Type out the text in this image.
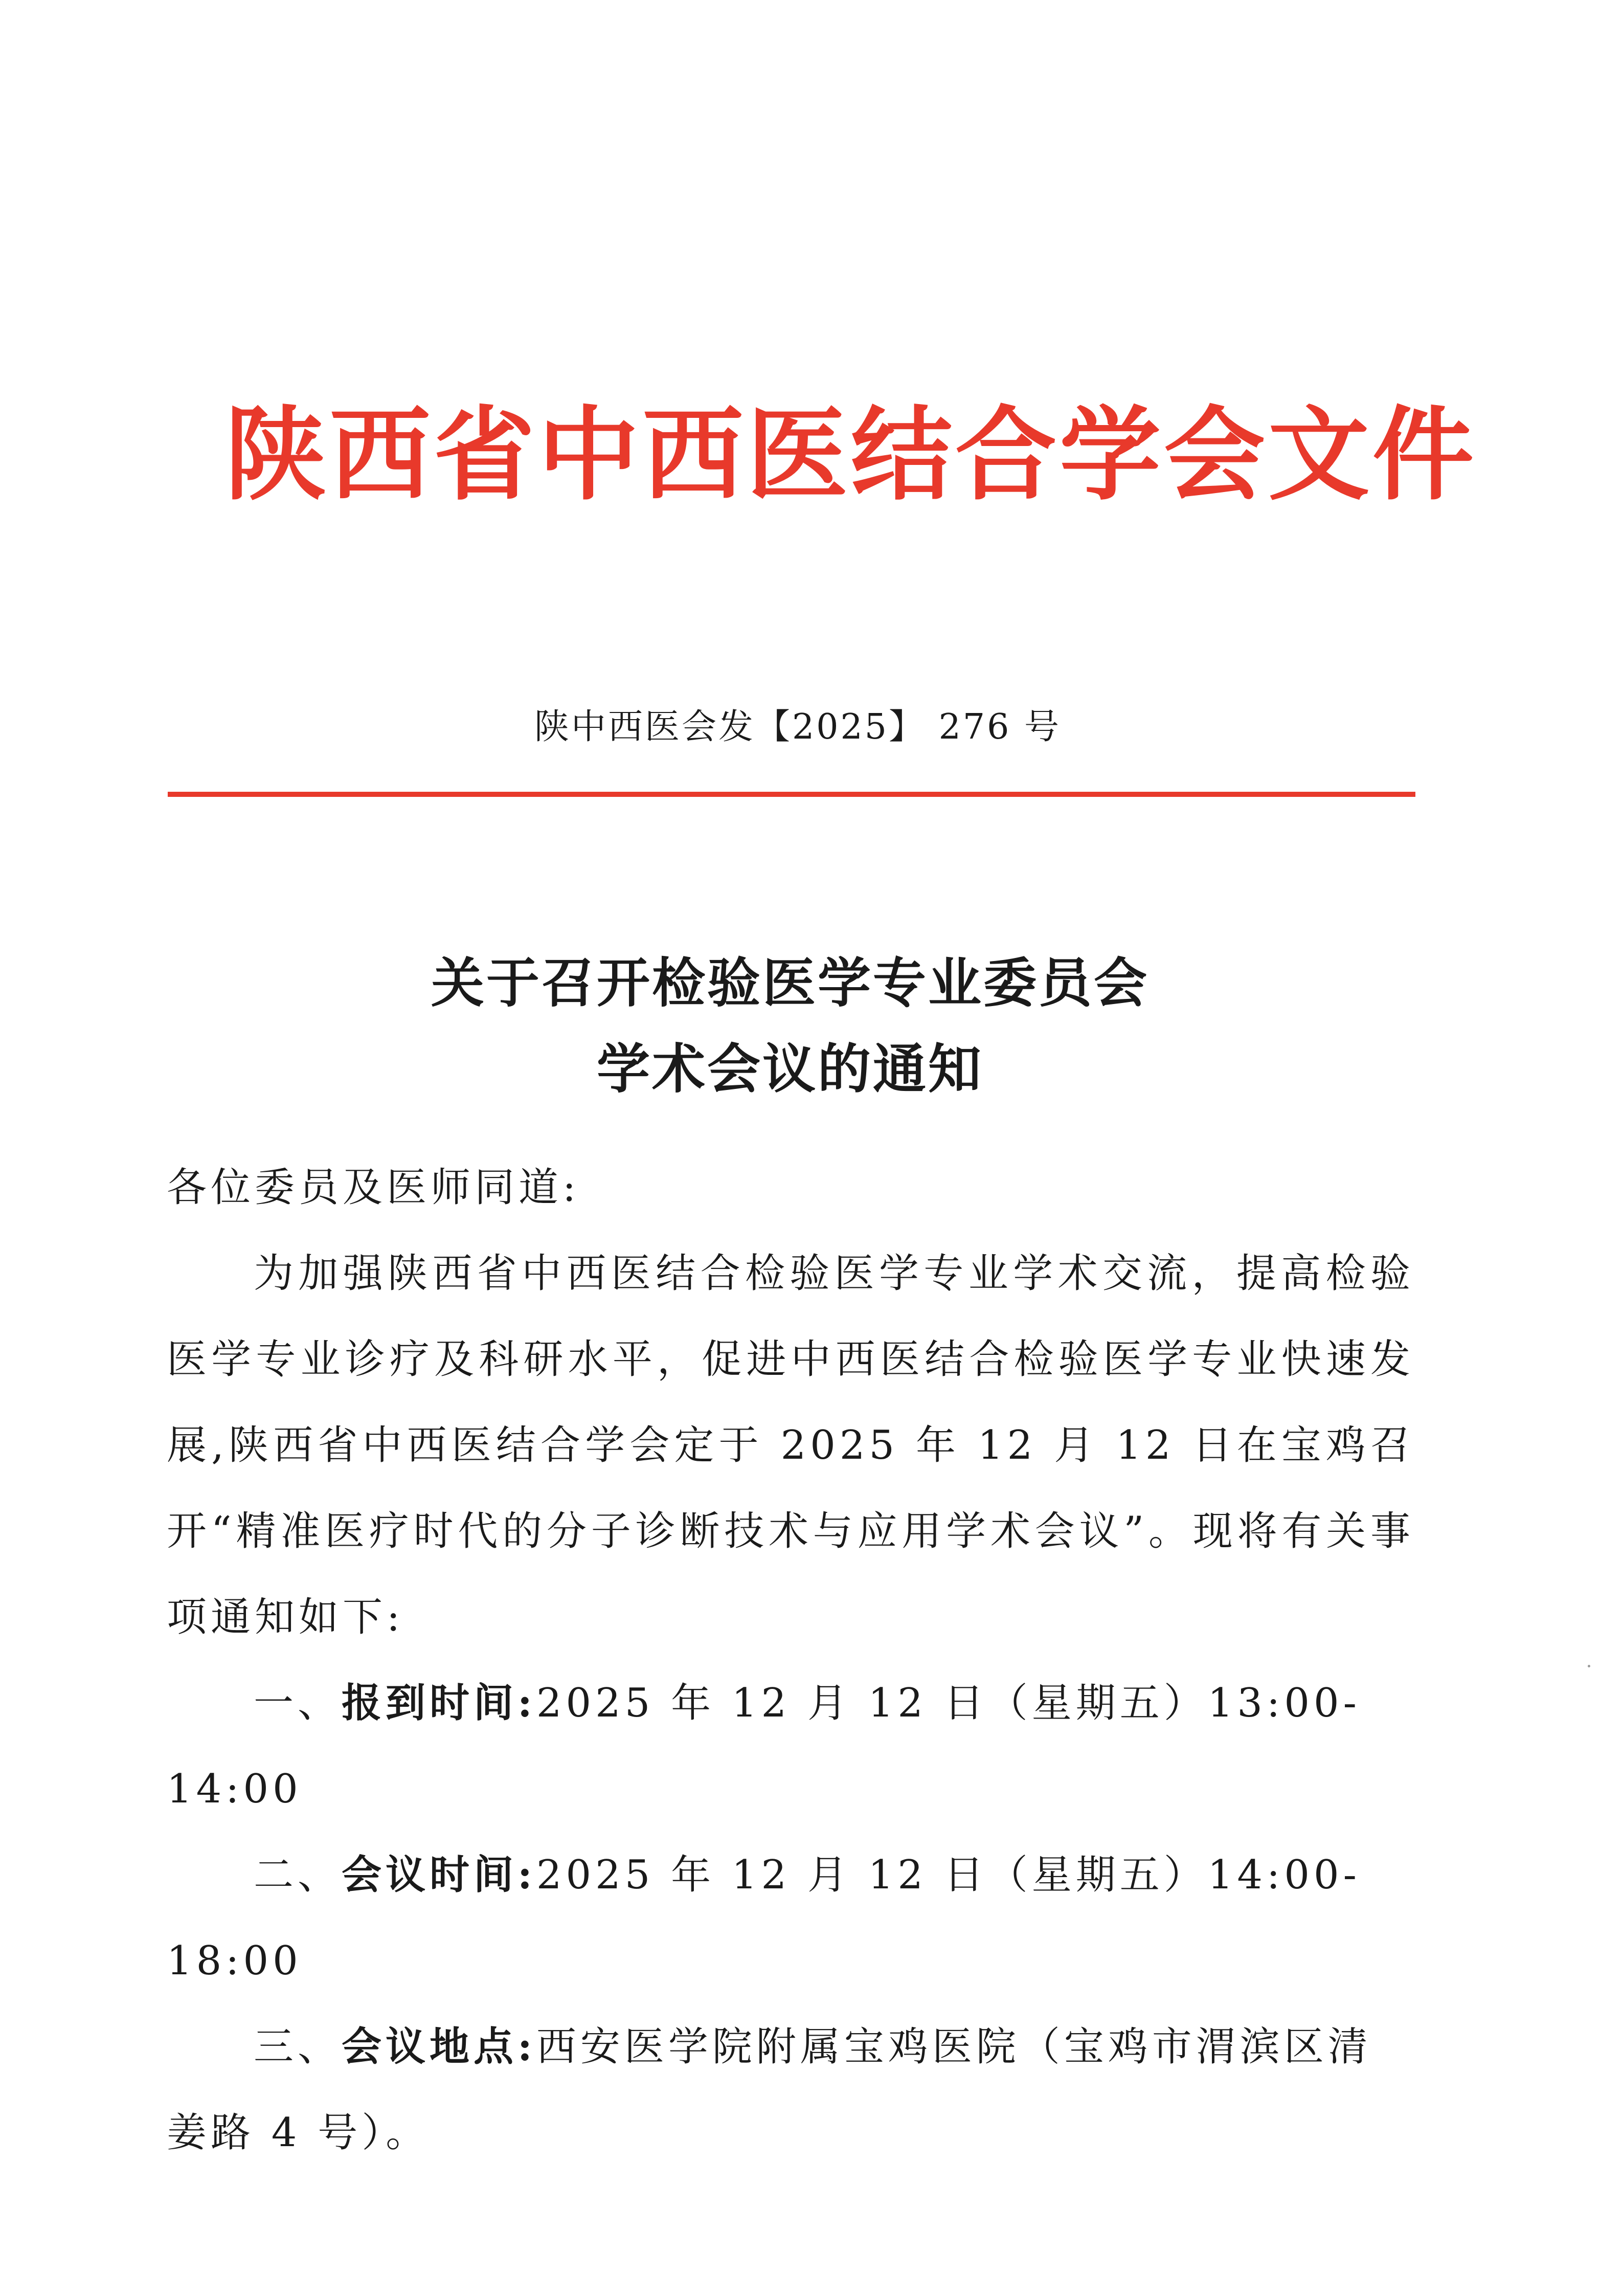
陕西省中西医结合学会文件
陕中西医会发【2025】 276 号
关于召开检验医学专业委员会
学术会议的通知

各位委员及医师同道:

为加强陕西省中西医结合检验医学专业学术交流，提高检验医学专业诊疗及科研水平，促进中西医结合检验医学专业快速发展,陕西省中西医结合学会定于 2025 年 12 月 12 日在宝鸡召开“精准医疗时代的分子诊断技术与应用学术会议”。现将有关事项通知如下:

一、报到时间:2025 年 12 月 12 日（星期五）13:00-14:00

二、会议时间:2025 年 12 月 12 日（星期五）14:00-18:00

三、会议地点:西安医学院附属宝鸡医院（宝鸡市渭滨区清姜路 4 号）。
